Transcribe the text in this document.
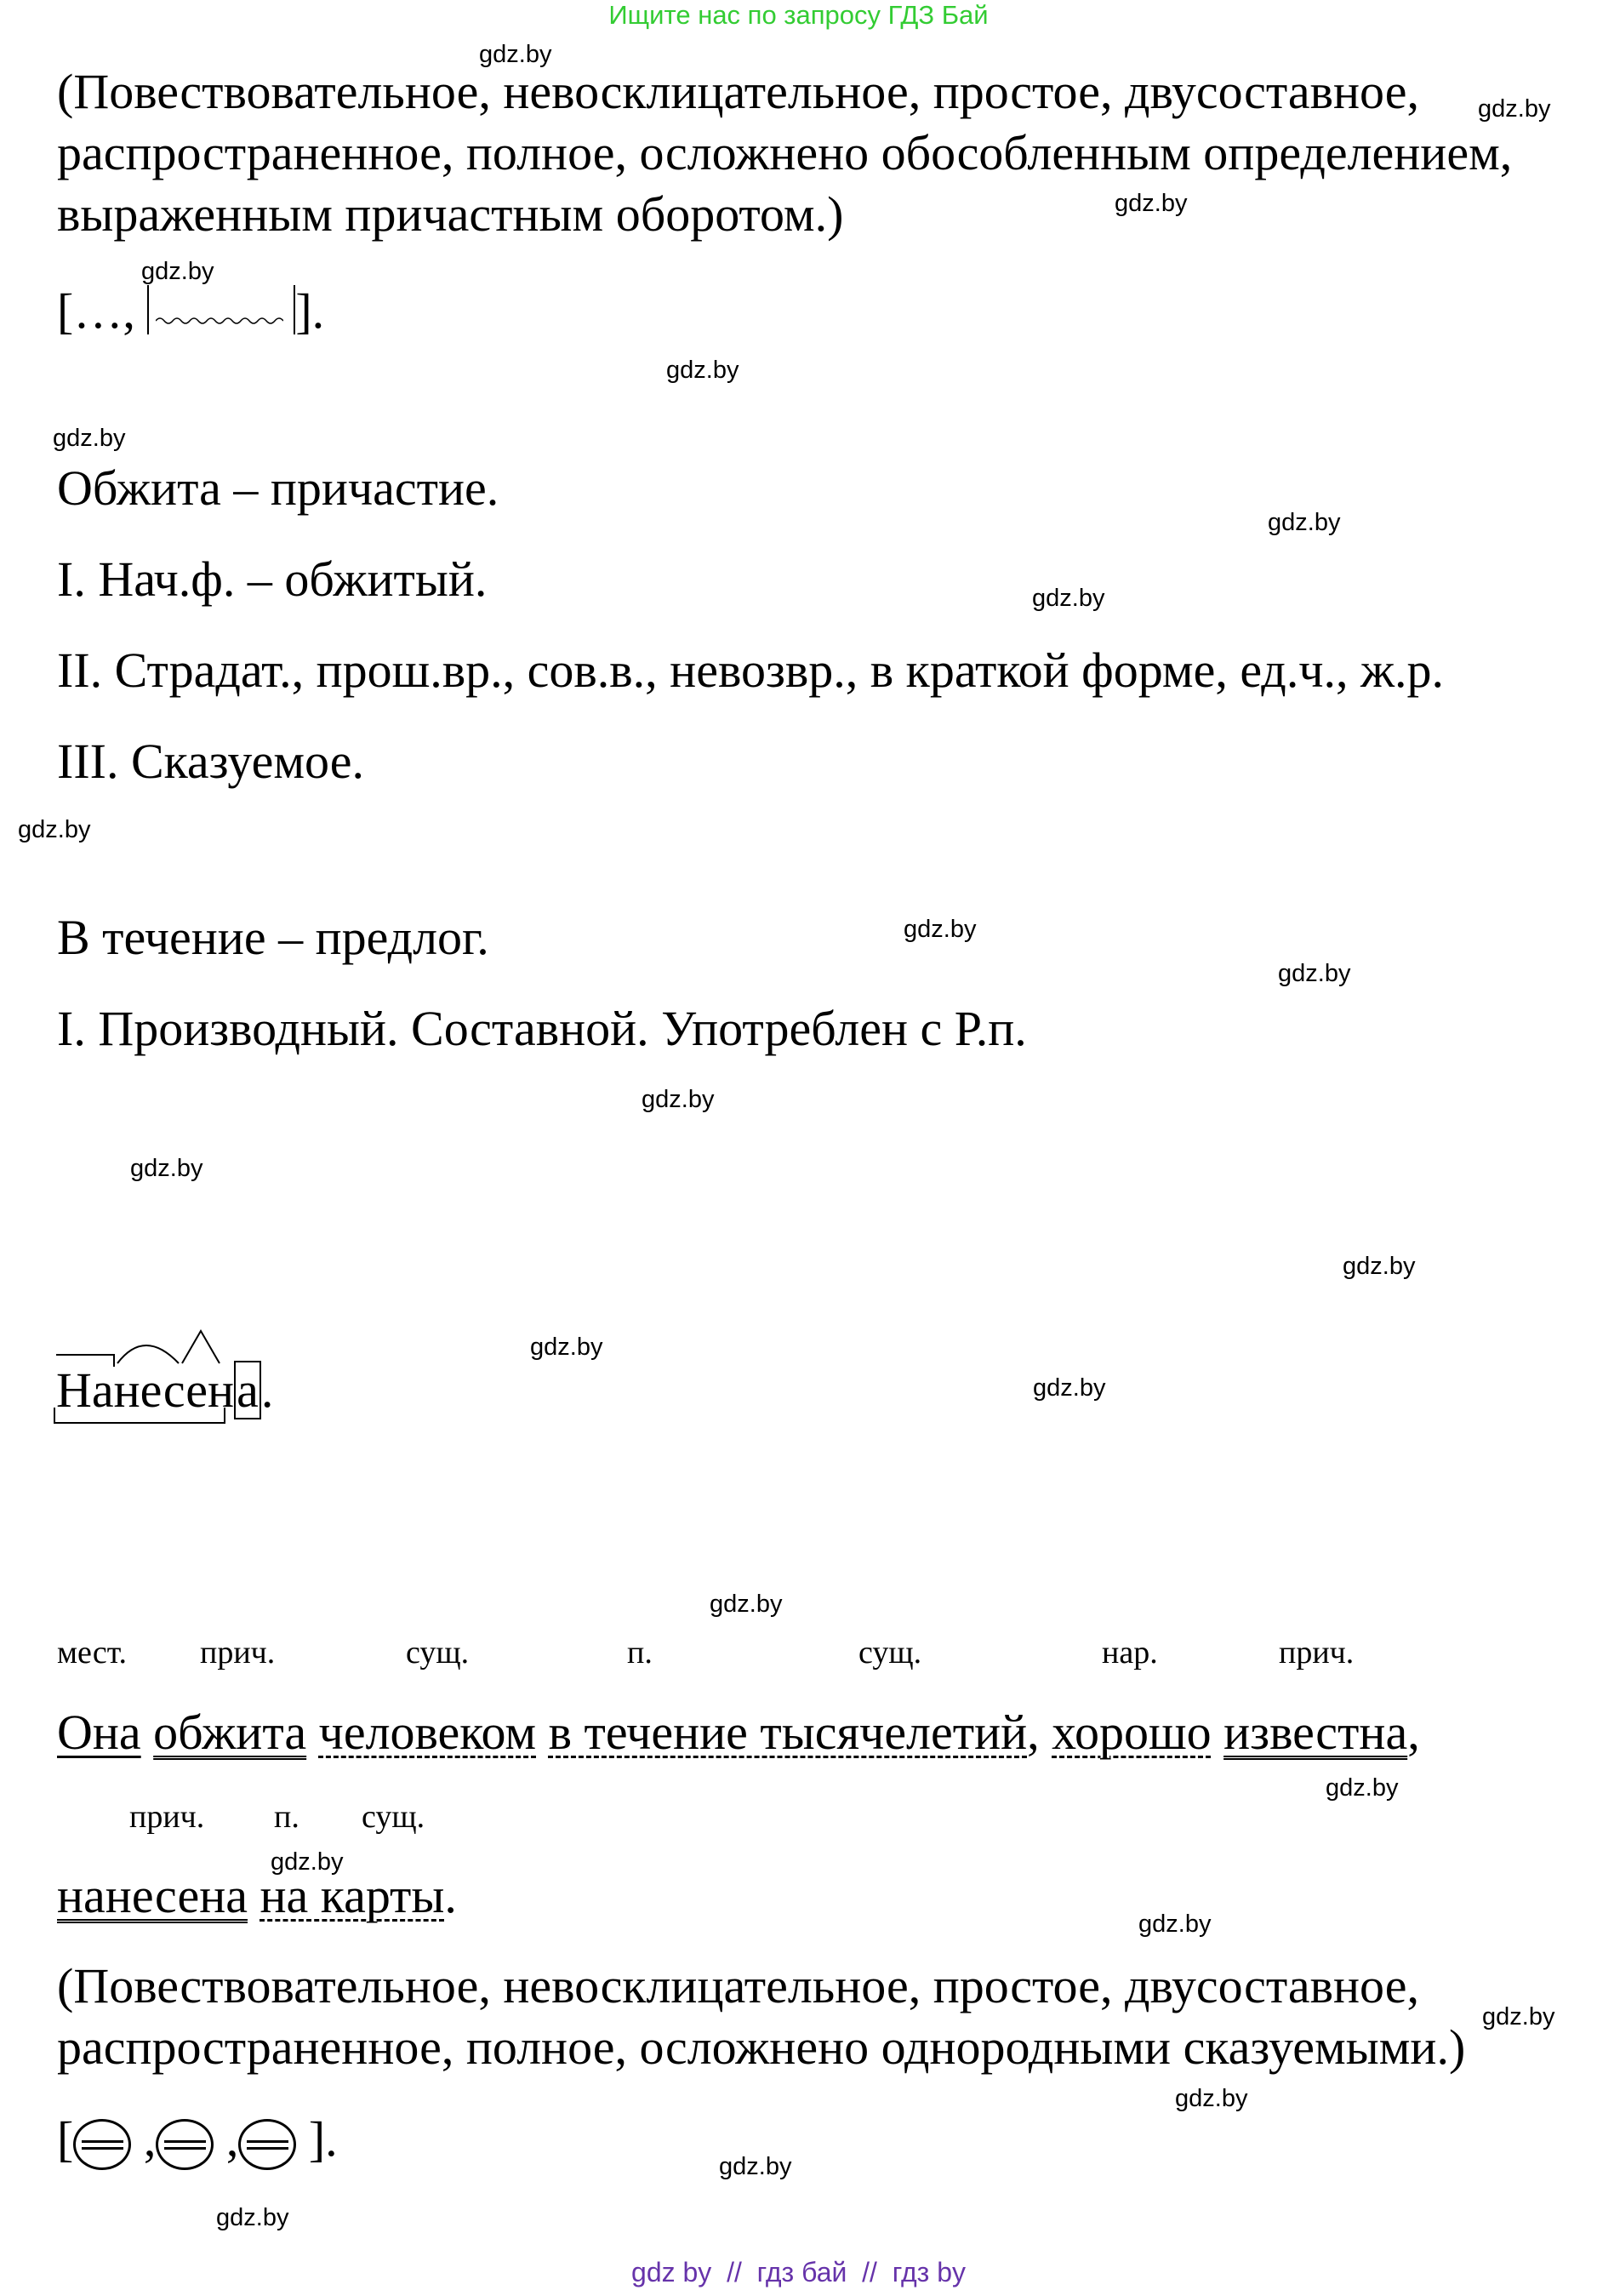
Ищите нас по запросу ГДЗ Бай
(Повествовательное, невосклицательное, простое, двусоставное,
распространенное, полное, осложнено обособленным определением,
выраженным причастным оборотом.)
[…,	].
Обжита – причастие.
I. Нач.ф. – обжитый.
II. Страдат., прош.вр., сов.в., невозвр., в краткой форме, ед.ч., ж.р.
III. Сказуемое.
В течение – предлог.
I. Производный. Составной. Употреблен с Р.п.
Нанесена.
мест. прич.	сущ.	п.	сущ.	нар.	прич.
Она обжита человеком в течение тысячелетий, хорошо известна,
прич. п. сущ.
нанесена на карты.
(Повествовательное, невосклицательное, простое, двусоставное,
распространенное, полное, осложнено однородными сказуемыми.)
[ , , ].
gdz.by
gdz.by
gdz.by
gdz.by
gdz.by
gdz.by
gdz.by
gdz.by
gdz.by
gdz.by
gdz.by
gdz.by
gdz.by
gdz.by
gdz.by
gdz.by
gdz.by
gdz.by
gdz.by
gdz.by
gdz.by
gdz.by
gdz.by
gdz.by
gdz by  //  гдз бай  //  гдз by
